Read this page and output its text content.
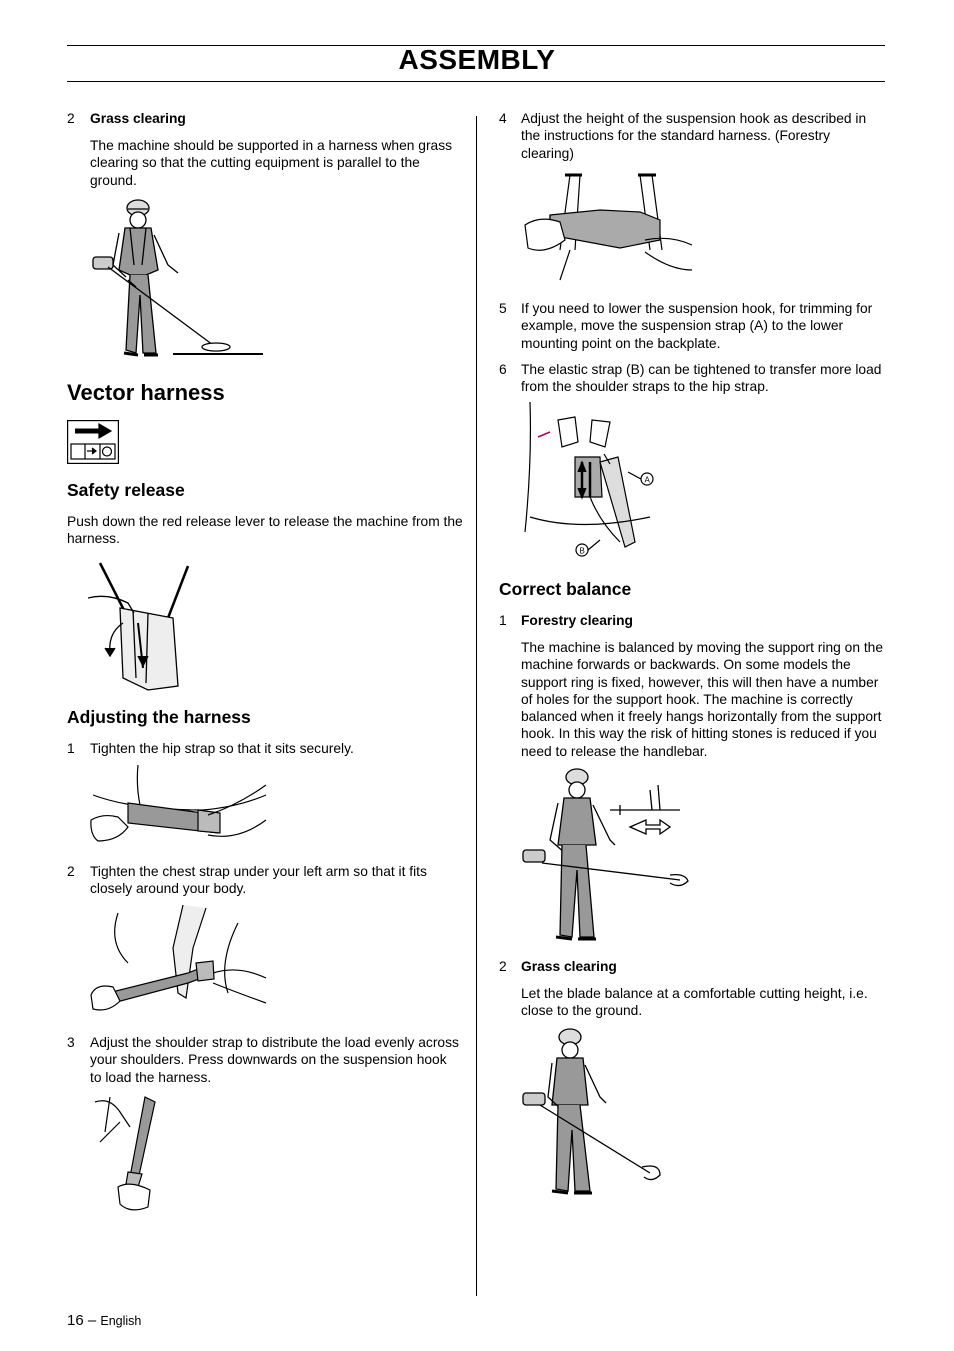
ASSEMBLY
2 Grass clearing
The machine should be supported in a harness when grass clearing so that the cutting equipment is parallel to the ground.
Vector harness
Safety release
Push down the red release lever to release the machine from the harness.
Adjusting the harness
1 Tighten the hip strap so that it sits securely.
2 Tighten the chest strap under your left arm so that it fits closely around your body.
3 Adjust the shoulder strap to distribute the load evenly across your shoulders. Press downwards on the suspension hook to load the harness.
4 Adjust the height of the suspension hook as described in the instructions for the standard harness. (Forestry clearing)
5 If you need to lower the suspension hook, for trimming for example, move the suspension strap (A) to the lower mounting point on the backplate.
6 The elastic strap (B) can be tightened to transfer more load from the shoulder straps to the hip strap.
A
B
Correct balance
1 Forestry clearing
The machine is balanced by moving the support ring on the machine forwards or backwards. On some models the support ring is fixed, however, this will then have a number of holes for the support hook. The machine is correctly balanced when it freely hangs horizontally from the support hook. In this way the risk of hitting stones is reduced if you need to release the handlebar.
2 Grass clearing
Let the blade balance at a comfortable cutting height, i.e. close to the ground.
16 – English
